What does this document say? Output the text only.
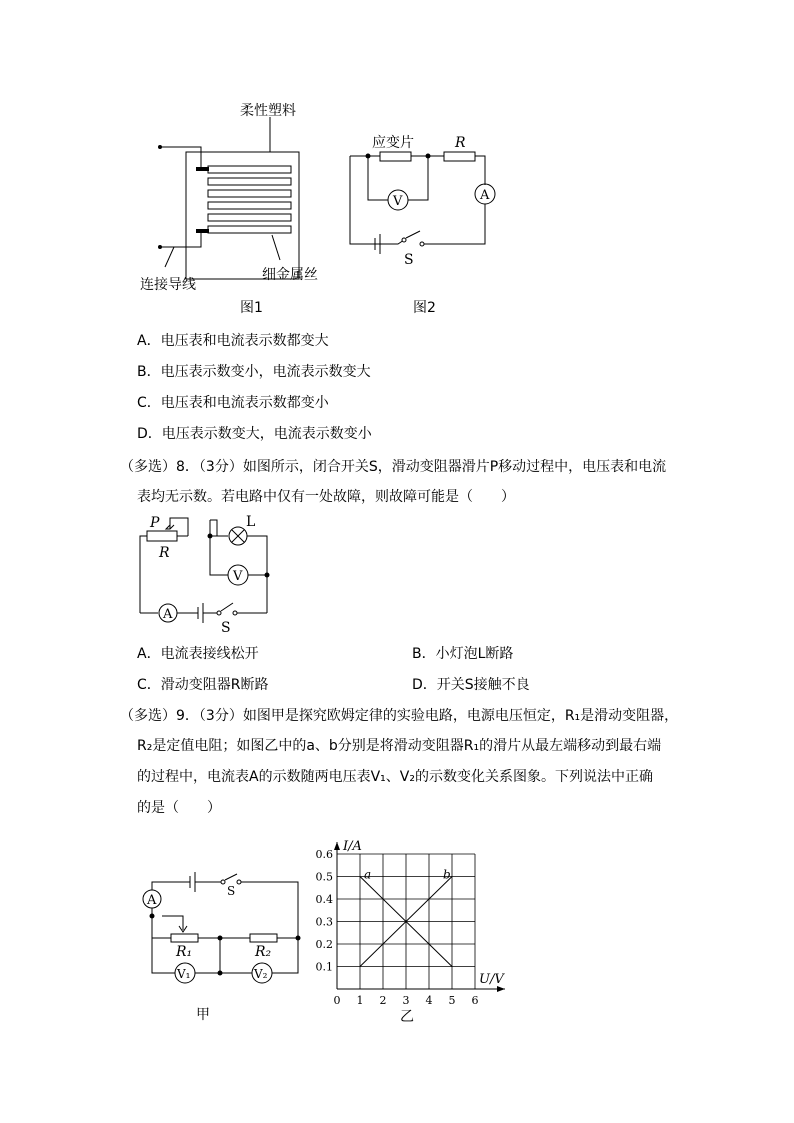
柔性塑料
连接导线
细金属丝
图1
应变片	R
V	A
S
图2
A．电压表和电流表示数都变大
B．电压表示数变小，电流表示数变大
C．电压表和电流表示数都变小
D．电压表示数变大，电流表示数变小
（多选）8．（3分）如图所示，闭合开关S，滑动变阻器滑片P移动过程中，电压表和电流
表均无示数。若电路中仅有一处故障，则故障可能是（　　）
P
R
L
V
A
S
A．电流表接线松开	B．小灯泡L断路
C．滑动变阻器R断路	D．开关S接触不良
（多选）9．（3分）如图甲是探究欧姆定律的实验电路，电源电压恒定，R₁是滑动变阻器，
R₂是定值电阻；如图乙中的a、b分别是将滑动变阻器R₁的滑片从最左端移动到最右端
的过程中，电流表A的示数随两电压表V₁、V₂的示数变化关系图象。下列说法中正确
的是（　　）
A
S
R₁	R₂
V₁	V₂
甲
0 1 2 3 4 5 6
0.1
0.2
0.3
0.4
0.5
0.6
I/A
U/V
a	b
乙
